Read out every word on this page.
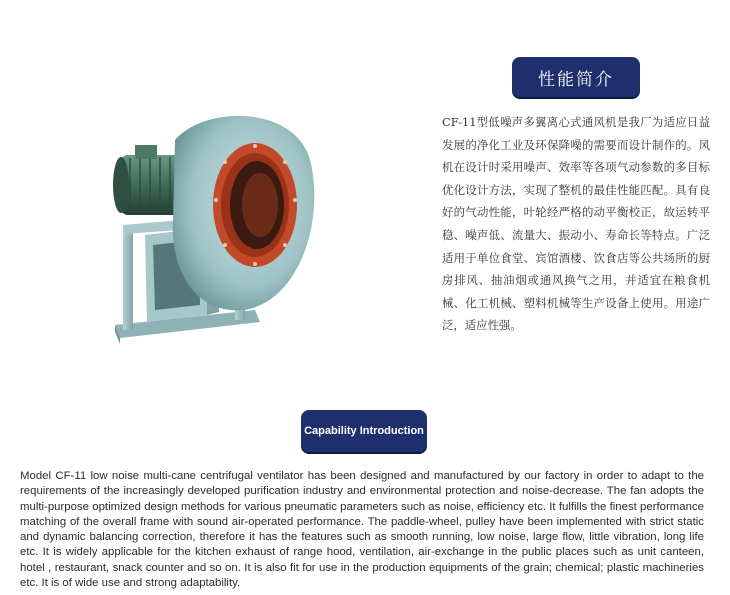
性能简介

CF-11型低噪声多翼离心式通风机是我厂为适应日益发展的净化工业及环保降噪的需要而设计制作的。风机在设计时采用噪声、效率等各项气动参数的多目标优化设计方法，实现了整机的最佳性能匹配。具有良好的气动性能，叶轮经严格的动平衡校正，故运转平稳、噪声低、流量大、振动小、寿命长等特点。广泛适用于单位食堂、宾馆酒楼、饮食店等公共场所的厨房排风、抽油烟或通风换气之用，并适宜在粮食机械、化工机械、塑料机械等生产设备上使用。用途广泛，适应性强。

Capability Introduction

Model CF-11 low noise multi-cane centrifugal ventilator has been designed and manufactured by our factory in order to adapt to the requirements of the increasingly developed purification industry and environmental protection and noise-decrease. The fan adopts the multi-purpose optimized design methods for various pneumatic parameters such as noise, efficiency etc. It fulfills the finest performance matching of the overall frame with sound air-operated performance. The paddle-wheel, pulley have been implemented with strict static and dynamic balancing correction, therefore it has the features such as smooth running, low noise, large flow, little vibration, long life etc. It is widely applicable for the kitchen exhaust of range hood, ventilation, air-exchange in the public places such as unit canteen, hotel , restaurant, snack counter and so on. It is also fit for use in the production equipments of the grain; chemical; plastic machineries etc. It is of wide use and strong adaptability.
